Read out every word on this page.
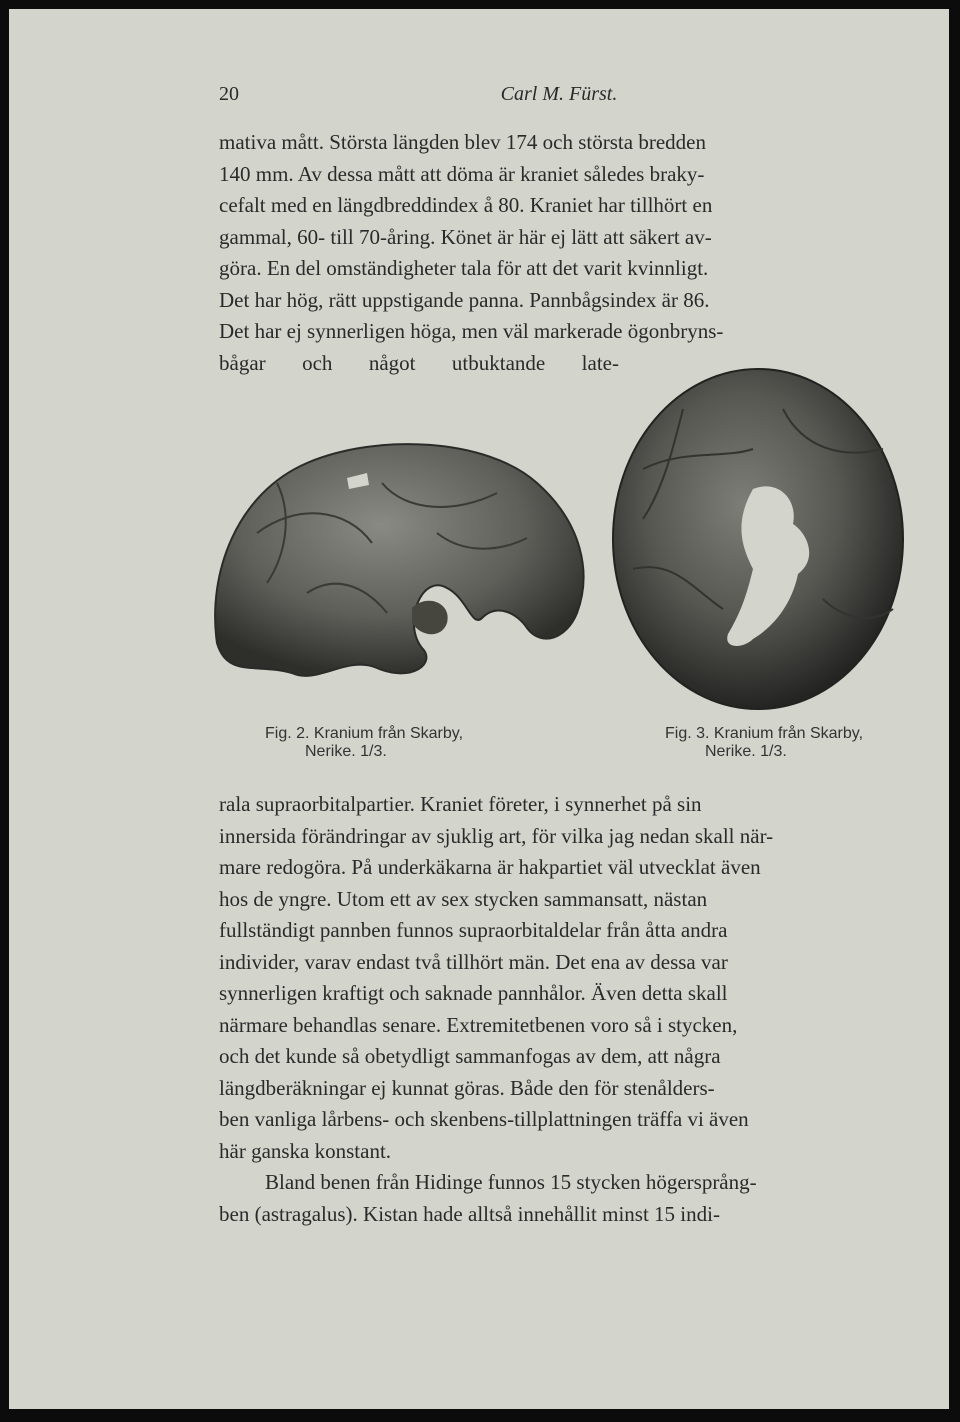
20	Carl M. Fürst.
mativa mått. Största längden blev 174 och största bredden
140 mm. Av dessa mått att döma är kraniet således braky-
cefalt med en längdbreddindex å 80. Kraniet har tillhört en
gammal, 60- till 70-åring. Könet är här ej lätt att säkert av-
göra. En del omständigheter tala för att det varit kvinnligt.
Det har hög, rätt uppstigande panna. Pannbågsindex är 86.
Det har ej synnerligen höga, men väl markerade ögonbryns-
bågar och något utbuktande late-
Fig. 2. Kranium från Skarby,
Nerike. 1/3.
Fig. 3. Kranium från Skarby,
Nerike. 1/3.
rala supraorbitalpartier. Kraniet företer, i synnerhet på sin
innersida förändringar av sjuklig art, för vilka jag nedan skall när-
mare redogöra. På underkäkarna är hakpartiet väl utvecklat även
hos de yngre. Utom ett av sex stycken sammansatt, nästan
fullständigt pannben funnos supraorbitaldelar från åtta andra
individer, varav endast två tillhört män. Det ena av dessa var
synnerligen kraftigt och saknade pannhålor. Även detta skall
närmare behandlas senare. Extremitetbenen voro så i stycken,
och det kunde så obetydligt sammanfogas av dem, att några
längdberäkningar ej kunnat göras. Både den för stenålders-
ben vanliga lårbens- och skenbens-tillplattningen träffa vi även
här ganska konstant.
Bland benen från Hidinge funnos 15 stycken högersprång-
ben (astragalus). Kistan hade alltså innehållit minst 15 indi-
